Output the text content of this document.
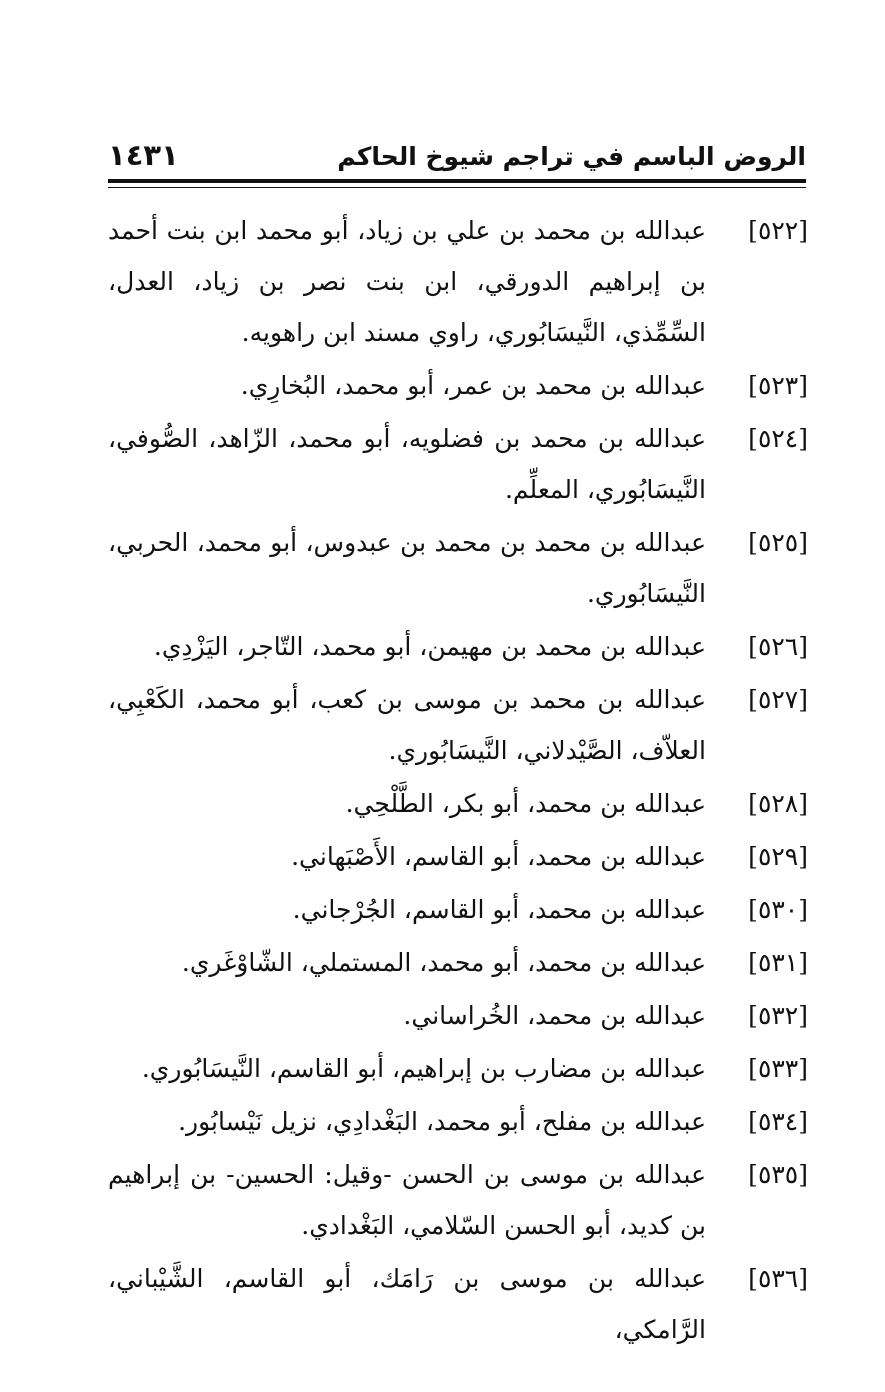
الروض الباسم في تراجم شيوخ الحاكم
١٤٣١

[٥٢٢]عبدالله بن محمد بن علي بن زياد، أبو محمد ابن بنت أحمد بن إبراهيم الدورقي، ابن بنت نصر بن زياد، العدل، السِّمِّذي، النَّيسَابُوري، راوي مسند ابن راهويه.

[٥٢٣]عبدالله بن محمد بن عمر، أبو محمد، البُخارِي.

[٥٢٤]عبدالله بن محمد بن فضلويه، أبو محمد، الزّاهد، الصُّوفي، النَّيسَابُوري، المعلِّم.

[٥٢٥]عبدالله بن محمد بن محمد بن عبدوس، أبو محمد، الحربي، النَّيسَابُوري.

[٥٢٦]عبدالله بن محمد بن مهيمن، أبو محمد، التّاجر، اليَزْدِي.

[٥٢٧]عبدالله بن محمد بن موسى بن كعب، أبو محمد، الكَعْبِي، العلاّف، الصَّيْدلاني، النَّيسَابُوري.

[٥٢٨]عبدالله بن محمد، أبو بكر، الطَّلْحِي.

[٥٢٩]عبدالله بن محمد، أبو القاسم، الأَصْبَهاني.

[٥٣٠]عبدالله بن محمد، أبو القاسم، الجُرْجاني.

[٥٣١]عبدالله بن محمد، أبو محمد، المستملي، الشّاوْغَري.

[٥٣٢]عبدالله بن محمد، الخُراساني.

[٥٣٣]عبدالله بن مضارب بن إبراهيم، أبو القاسم، النَّيسَابُوري.

[٥٣٤]عبدالله بن مفلح، أبو محمد، البَغْدادِي، نزيل نَيْسابُور.

[٥٣٥]عبدالله بن موسى بن الحسن -وقيل: الحسين- بن إبراهيم بن كديد، أبو الحسن السّلامي، البَغْدادي.

[٥٣٦]عبدالله بن موسى بن رَامَك، أبو القاسم، الشَّيْباني، الرَّامكي،
